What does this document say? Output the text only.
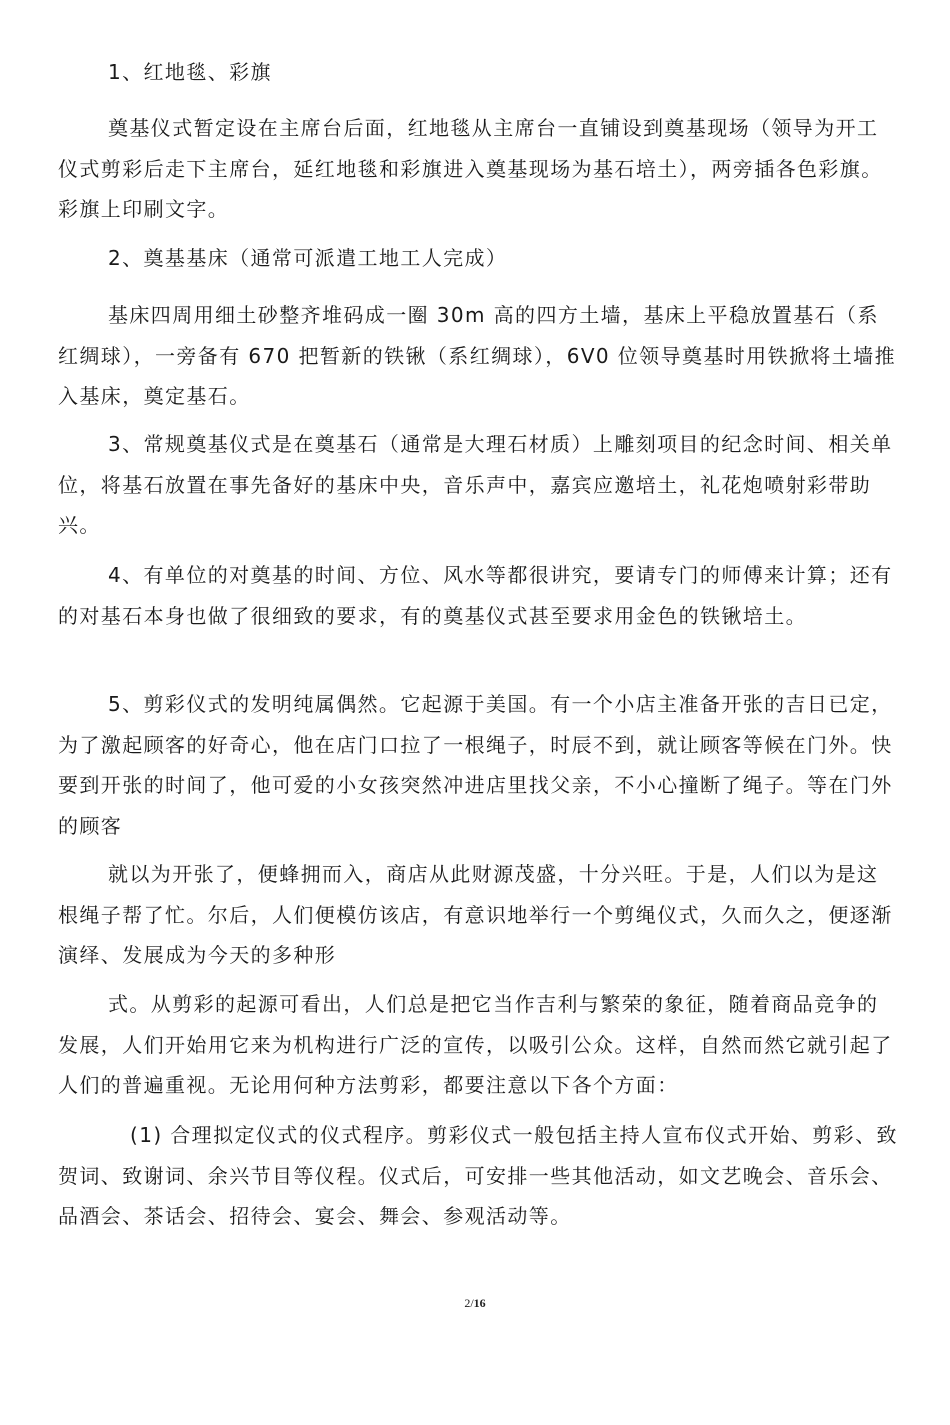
1、红地毯、彩旗

奠基仪式暂定设在主席台后面，红地毯从主席台一直铺设到奠基现场（领导为开工仪式剪彩后走下主席台，延红地毯和彩旗进入奠基现场为基石培土），两旁插各色彩旗。彩旗上印刷文字。

2、奠基基床（通常可派遣工地工人完成）

基床四周用细土砂整齐堆码成一圈 30m 高的四方土墙，基床上平稳放置基石（系红绸球），一旁备有 670 把暂新的铁锹（系红绸球），6V0 位领导奠基时用铁掀将土墙推入基床，奠定基石。

3、常规奠基仪式是在奠基石（通常是大理石材质）上雕刻项目的纪念时间、相关单位，将基石放置在事先备好的基床中央，音乐声中，嘉宾应邀培土，礼花炮喷射彩带助兴。

4、有单位的对奠基的时间、方位、风水等都很讲究，要请专门的师傅来计算；还有的对基石本身也做了很细致的要求，有的奠基仪式甚至要求用金色的铁锹培土。

5、剪彩仪式的发明纯属偶然。它起源于美国。有一个小店主准备开张的吉日已定，为了激起顾客的好奇心，他在店门口拉了一根绳子，时辰不到，就让顾客等候在门外。快要到开张的时间了，他可爱的小女孩突然冲进店里找父亲，不小心撞断了绳子。等在门外的顾客

就以为开张了，便蜂拥而入，商店从此财源茂盛，十分兴旺。于是，人们以为是这根绳子帮了忙。尔后，人们便模仿该店，有意识地举行一个剪绳仪式，久而久之，便逐渐演绎、发展成为今天的多种形

式。从剪彩的起源可看出，人们总是把它当作吉利与繁荣的象征，随着商品竞争的发展，人们开始用它来为机构进行广泛的宣传，以吸引公众。这样，自然而然它就引起了人们的普遍重视。无论用何种方法剪彩，都要注意以下各个方面：

(1) 合理拟定仪式的仪式程序。剪彩仪式一般包括主持人宣布仪式开始、剪彩、致贺词、致谢词、余兴节目等仪程。仪式后，可安排一些其他活动，如文艺晚会、音乐会、品酒会、茶话会、招待会、宴会、舞会、参观活动等。

2/16
